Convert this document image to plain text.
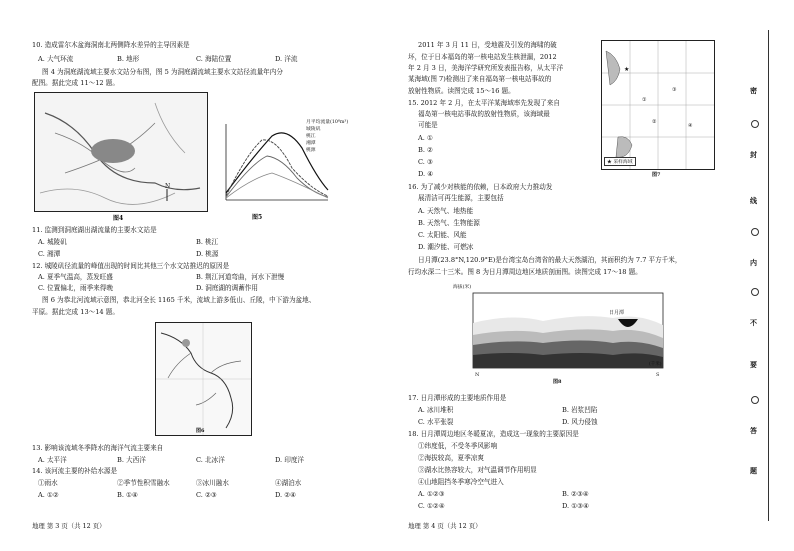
10. 造成雷尔木盆海洞南北两侧降水差异的主导因素是
A. 大气环流	B. 地形	C. 海陆位置	D. 洋流
图 4 为洞庭湖流域主要水文站分布图，图 5 为洞庭湖流域主要水文站径流量年内分
配图。据此完成 11～12 题。
N
图4	图5
月平均流量(10⁸m³)
城陵矶
桃江
湘潭
桃源
11. 监测到洞庭湖出湖流量的主要水文站是
A. 城陵矶	B. 桃江
C. 湘潭	D. 桃源
12. 城陵矶径流量的峰值出现的时间比其他三个水文站推迟的原因是
A. 夏季气温高，蒸发旺盛	B. 荆江河道弯曲，河水下泄慢
C. 位置偏北，雨季来得晚	D. 洞庭湖的调蓄作用
图 6 为恭北河流域示意图，恭北河全长 1165 千米，流域上游多低山、丘陵，中下游为盆地、
平原。据此完成 13～14 题。
图6
13. 影响该流域冬季降水的海洋气流主要来自
A. 太平洋	B. 大西洋	C. 北冰洋	D. 印度洋
14. 该河流主要的补给水源是
①雨水	②季节性积雪融水	③冰川融水	④湖泊水
A. ①②	B. ①④	C. ②③	D. ②④
地理 第 3 页（共 12 页）
2011 年 3 月 11 日，受地震及引发的海啸的破
坏，位于日本福岛的第一核电站发生核泄漏，2012
年 2 月 3 日，美海洋学研究所发表报告称，从太平洋
某海域(图 7)检测出了来自福岛第一核电站事故的
放射性物质。读图完成 15～16 题。
★
③
①
②
④
★ 采样海域
图7
15. 2012 年 2 月，在太平洋某海域率先发现了来自
福岛第一核电站事故的放射性物质，该海域最
可能是
A. ①
B. ②
C. ③
D. ④
16. 为了减少对核能的依赖，日本政府大力推动发
展清洁可再生能源，主要包括
A. 天然气、地热能
B. 天然气、生物能源
C. 太阳能、风能
D. 潮汐能、可燃冰
日月潭(23.8°N,120.9°E)是台湾宝岛台湾省的最大天然湖泊，其面积约为 7.7 平方千米，
行均水深二十三米。图 8 为日月潭周边地区地质剖面图。读图完成 17～18 题。
海拔(米)
N	S
日月潭
(千米)
图8
17. 日月潭形成的主要地质作用是
A. 冰川堆积	B. 岩浆凹陷
C. 水平张裂	D. 风力侵蚀
18. 日月潭周边地区冬暖夏凉，造成这一现象的主要原因是
①纬度低，不受冬季风影响
②海拔较高，夏季凉爽
③湖水比热容较大，对气温调节作用明显
④山地阻挡冬季寒冷空气进入
A. ①②③	B. ②③④
C. ①②④	D. ①③④
地理 第 4 页（共 12 页）
密
封
线
内
不
要
答
题
